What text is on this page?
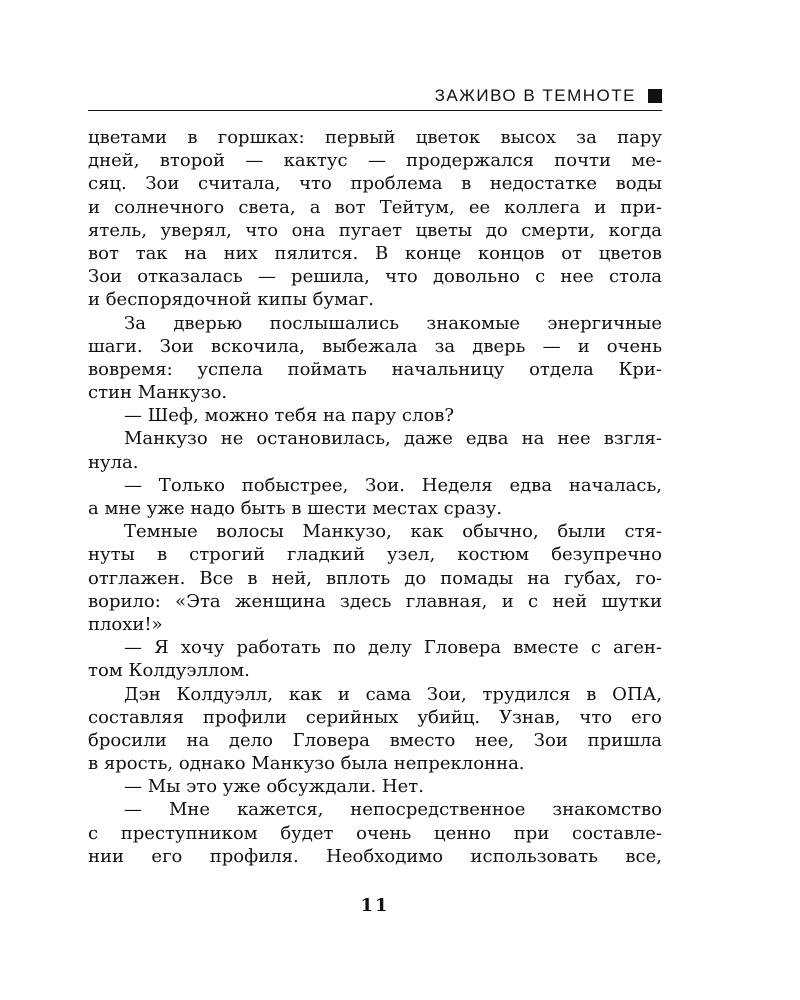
ЗАЖИВО В ТЕМНОТЕ
цветами в горшках: первый цветок высох за пару
дней, второй — кактус — продержался почти ме-
сяц. Зои считала, что проблема в недостатке воды
и солнечного света, а вот Тейтум, ее коллега и при-
ятель, уверял, что она пугает цветы до смерти, когда
вот так на них пялится. В конце концов от цветов
Зои отказалась — решила, что довольно с нее стола
и беспорядочной кипы бумаг.
За дверью послышались знакомые энергичные
шаги. Зои вскочила, выбежала за дверь — и очень
вовремя: успела поймать начальницу отдела Кри-
стин Манкузо.
— Шеф, можно тебя на пару слов?
Манкузо не остановилась, даже едва на нее взгля-
нула.
— Только побыстрее, Зои. Неделя едва началась,
а мне уже надо быть в шести местах сразу.
Темные волосы Манкузо, как обычно, были стя-
нуты в строгий гладкий узел, костюм безупречно
отглажен. Все в ней, вплоть до помады на губах, го-
ворило: «Эта женщина здесь главная, и с ней шутки
плохи!»
— Я хочу работать по делу Гловера вместе с аген-
том Колдуэллом.
Дэн Колдуэлл, как и сама Зои, трудился в ОПА,
составляя профили серийных убийц. Узнав, что его
бросили на дело Гловера вместо нее, Зои пришла
в ярость, однако Манкузо была непреклонна.
— Мы это уже обсуждали. Нет.
— Мне кажется, непосредственное знакомство
с преступником будет очень ценно при составле-
нии его профиля. Необходимо использовать все,
11
